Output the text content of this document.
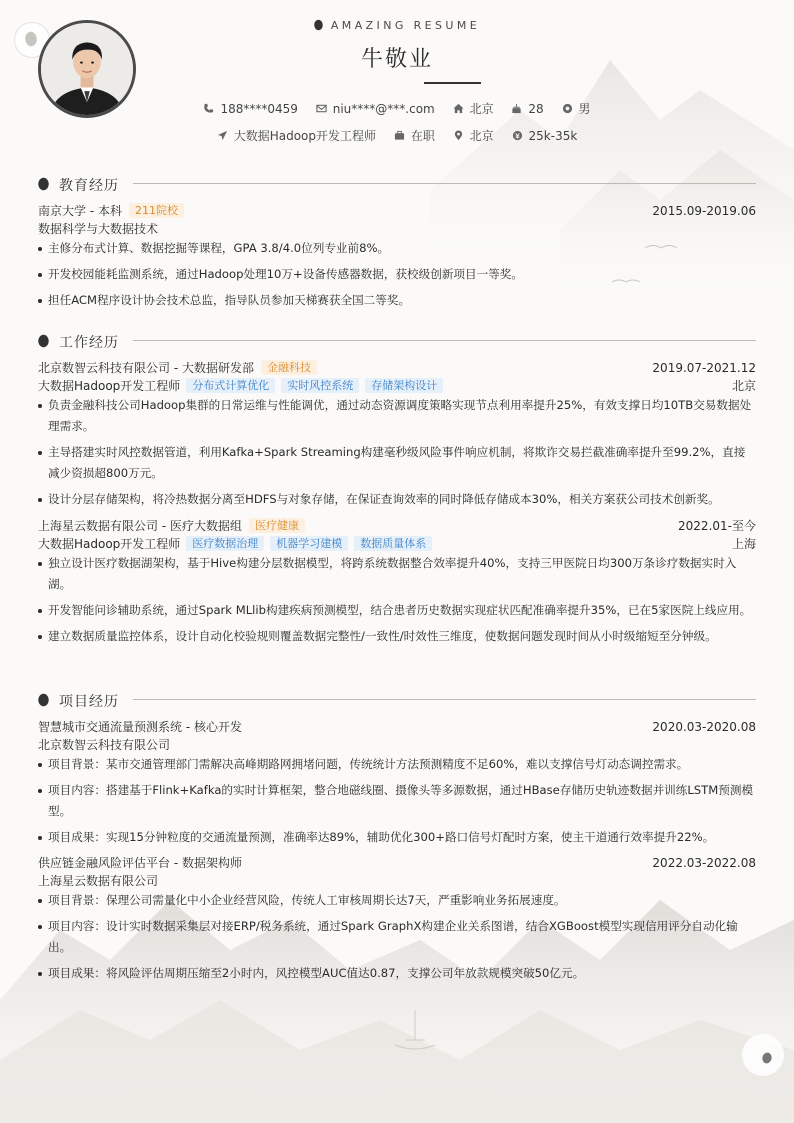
AMAZING RESUME
牛敬业
188****0459	niu****@***.com	北京	28	男
大数据Hadoop开发工程师	在职	北京	25k-35k
教育经历
南京大学 - 本科 211院校	2015.09-2019.06
数据科学与大数据技术
主修分布式计算、数据挖掘等课程，GPA 3.8/4.0位列专业前8%。
开发校园能耗监测系统，通过Hadoop处理10万+设备传感器数据，获校级创新项目一等奖。
担任ACM程序设计协会技术总监，指导队员参加天梯赛获全国二等奖。
工作经历
北京数智云科技有限公司 - 大数据研发部 金融科技	2019.07-2021.12
大数据Hadoop开发工程师 分布式计算优化 实时风控系统 存储架构设计	北京
负责金融科技公司Hadoop集群的日常运维与性能调优，通过动态资源调度策略实现节点利用率提升25%，有效支撑日均10TB交易数据处理需求。
主导搭建实时风控数据管道，利用Kafka+Spark Streaming构建毫秒级风险事件响应机制，将欺诈交易拦截准确率提升至99.2%，直接减少资损超800万元。
设计分层存储架构，将冷热数据分离至HDFS与对象存储，在保证查询效率的同时降低存储成本30%，相关方案获公司技术创新奖。
上海星云数据有限公司 - 医疗大数据组 医疗健康	2022.01-至今
大数据Hadoop开发工程师 医疗数据治理 机器学习建模 数据质量体系	上海
独立设计医疗数据湖架构，基于Hive构建分层数据模型，将跨系统数据整合效率提升40%，支持三甲医院日均300万条诊疗数据实时入湖。
开发智能问诊辅助系统，通过Spark MLlib构建疾病预测模型，结合患者历史数据实现症状匹配准确率提升35%，已在5家医院上线应用。
建立数据质量监控体系，设计自动化校验规则覆盖数据完整性/一致性/时效性三维度，使数据问题发现时间从小时级缩短至分钟级。
项目经历
智慧城市交通流量预测系统 - 核心开发	2020.03-2020.08
北京数智云科技有限公司
项目背景：某市交通管理部门需解决高峰期路网拥堵问题，传统统计方法预测精度不足60%，难以支撑信号灯动态调控需求。
项目内容：搭建基于Flink+Kafka的实时计算框架，整合地磁线圈、摄像头等多源数据，通过HBase存储历史轨迹数据并训练LSTM预测模型。
项目成果：实现15分钟粒度的交通流量预测，准确率达89%，辅助优化300+路口信号灯配时方案，使主干道通行效率提升22%。
供应链金融风险评估平台 - 数据架构师	2022.03-2022.08
上海星云数据有限公司
项目背景：保理公司需量化中小企业经营风险，传统人工审核周期长达7天，严重影响业务拓展速度。
项目内容：设计实时数据采集层对接ERP/税务系统，通过Spark GraphX构建企业关系图谱，结合XGBoost模型实现信用评分自动化输出。
项目成果：将风险评估周期压缩至2小时内，风控模型AUC值达0.87，支撑公司年放款规模突破50亿元。
